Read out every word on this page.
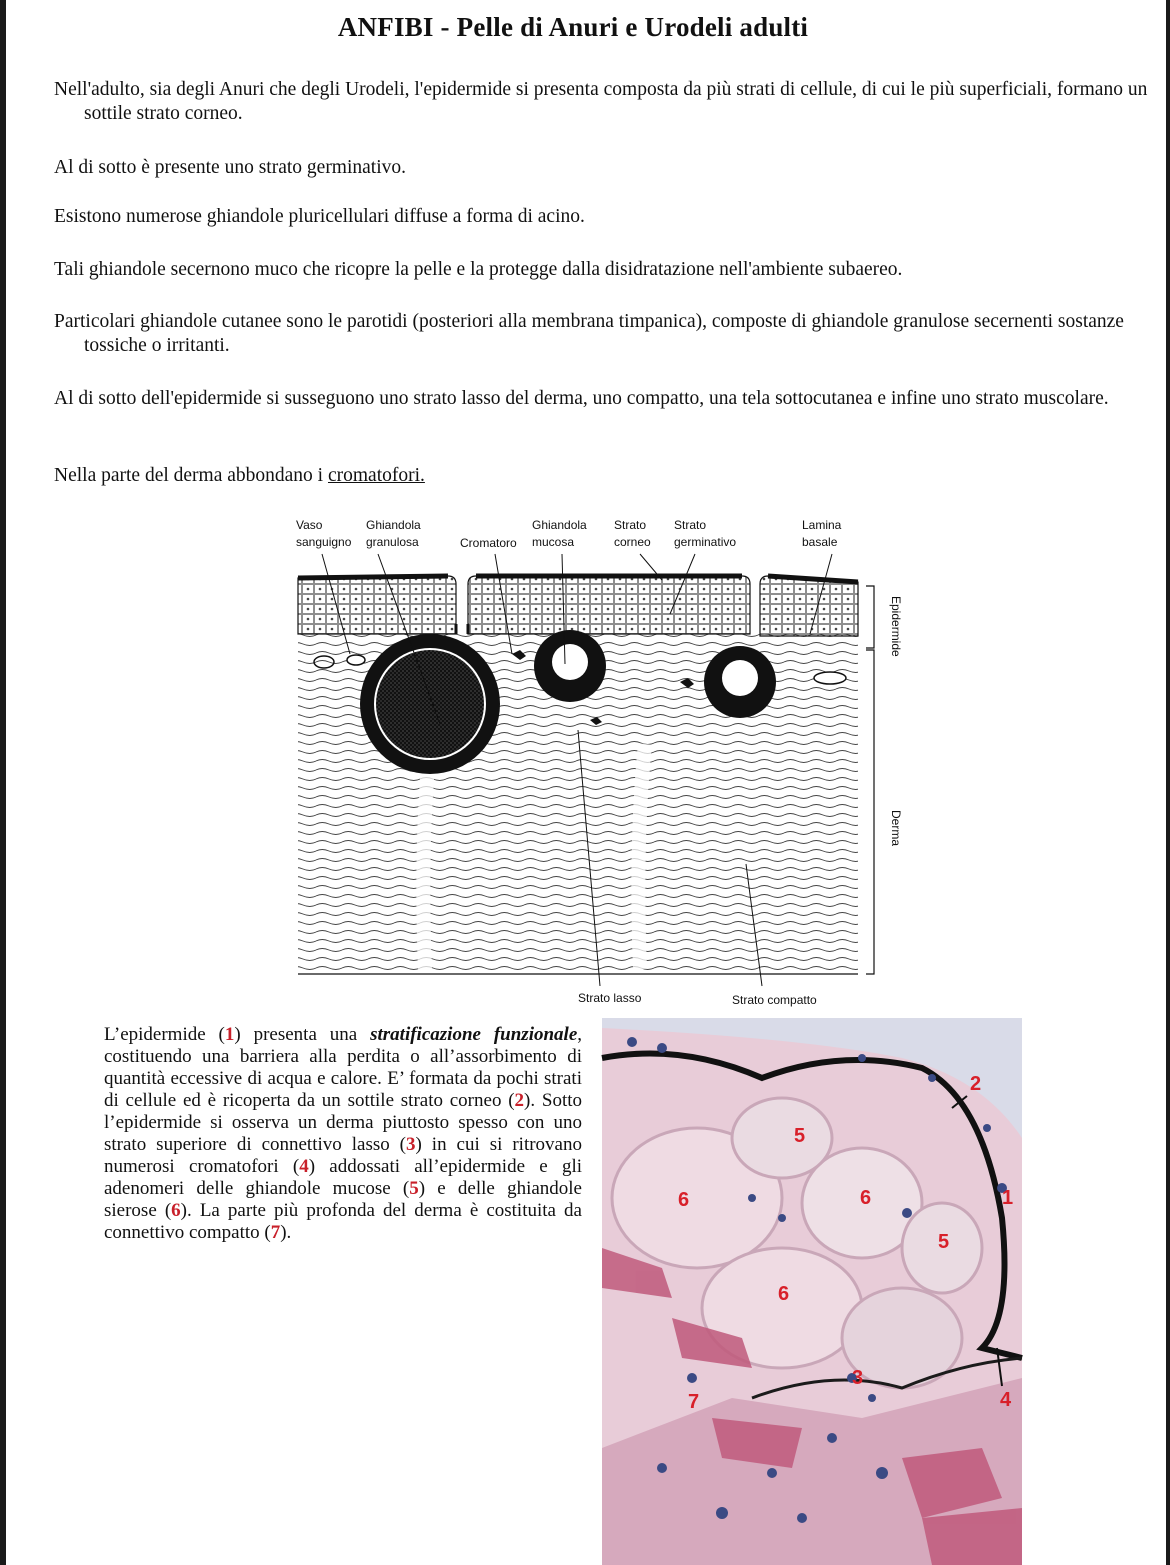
ANFIBI - Pelle di Anuri e Urodeli adulti

Nell'adulto, sia degli Anuri che degli Urodeli, l'epidermide si presenta composta da più strati di cellule, di cui le più superficiali, formano un sottile strato corneo.

Al di sotto è presente uno strato germinativo.

Esistono numerose ghiandole pluricellulari diffuse a forma di acino.

Tali ghiandole secernono muco che ricopre la pelle e la protegge dalla disidratazione nell'ambiente subaereo.

Particolari ghiandole cutanee sono le parotidi (posteriori alla membrana timpanica), composte di ghiandole granulose secernenti sostanze tossiche o irritanti.

Al di sotto dell'epidermide si susseguono uno strato lasso del derma, uno compatto, una tela sottocutanea e infine uno strato muscolare.

Nella parte del derma abbondano i cromatofori.

Vaso
sanguigno
Ghiandola
granulosa	Cromatoro
Ghiandola
mucosa
Strato
corneo
Strato
germinativo
Lamina
basale
Epidermide
Derma
Strato lasso	Strato compatto

L’epidermide (1) presenta una stratificazione funzionale, costituendo una barriera alla perdita o all’assorbimento di quantità eccessive di acqua e calore. E’ formata da pochi strati di cellule ed è ricoperta da un sottile strato corneo (2). Sotto l’epidermide si osserva un derma piuttosto spesso con uno strato superiore di connettivo lasso (3) in cui si ritrovano numerosi cromatofori (4) addossati all’epidermide e gli adenomeri delle ghiandole mucose (5) e delle ghiandole sierose (6). La parte più profonda del derma è costituita da connettivo compatto (7).

2
5
6	6	1
5
6
3
7	4
